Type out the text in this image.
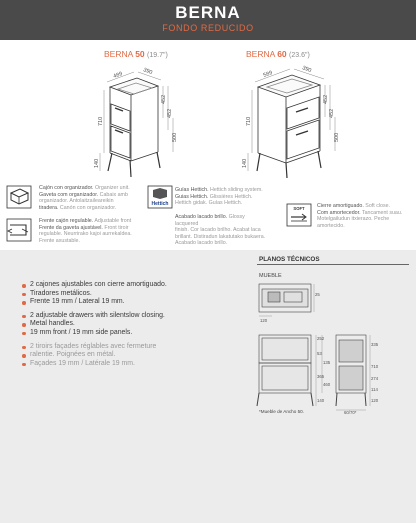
BERNA
FONDO REDUCIDO
BERNA 50 (19.7")	BERNA 60 (23.6")
489	390
452
452
500
710
140
589
390
452
452
500
710
140
Cajón con organizador. Organizer unit.
Gaveta com organizador. Cabaix amb
organizador. Antolaitzaileareikin
tiradera. Canón con organizador.
Frente cajón regulable. Adjustable front
Frente da gaveta ajustável. Front tiroir
regulable. Neurrirako kajoi aurrekaldea.
Frente axustable.
Hettich
Guías Hettich. Hettich sliding system.
Guias Hettich. Glissières Hettich.
Hettich gidak. Guías Hettich.
Acabado lacado brillo. Glossy lacquered
finish. Cor lacado brilho. Acabat laca
brillant. Distiradun lakatutako bukaera.
Acabado lacado brillo.
SOFT Cierre amortiguado. Soft close.
Com amortecedor. Tancament suau.
Motelgailudun itxierazo. Peche
amortecido.
2 cajones ajustables con cierre amortiguado.
Tiradores metálicos.
Frente 19 mm / Lateral 19 mm.
2 adjustable drawers with silentslow closing.
Metal handles.
19 mm front / 19 mm side panels.
2 tiroirs façades réglables avec fermeture
ralentie. Poignées en métal.
Façades 19 mm / Latérale 19 mm.
PLANOS TÉCNICOS
MUEBLE
120
25
252
53
135
365
460
140
335
710
274
114
120
60/70*
*Mueble de Ancho 50.
